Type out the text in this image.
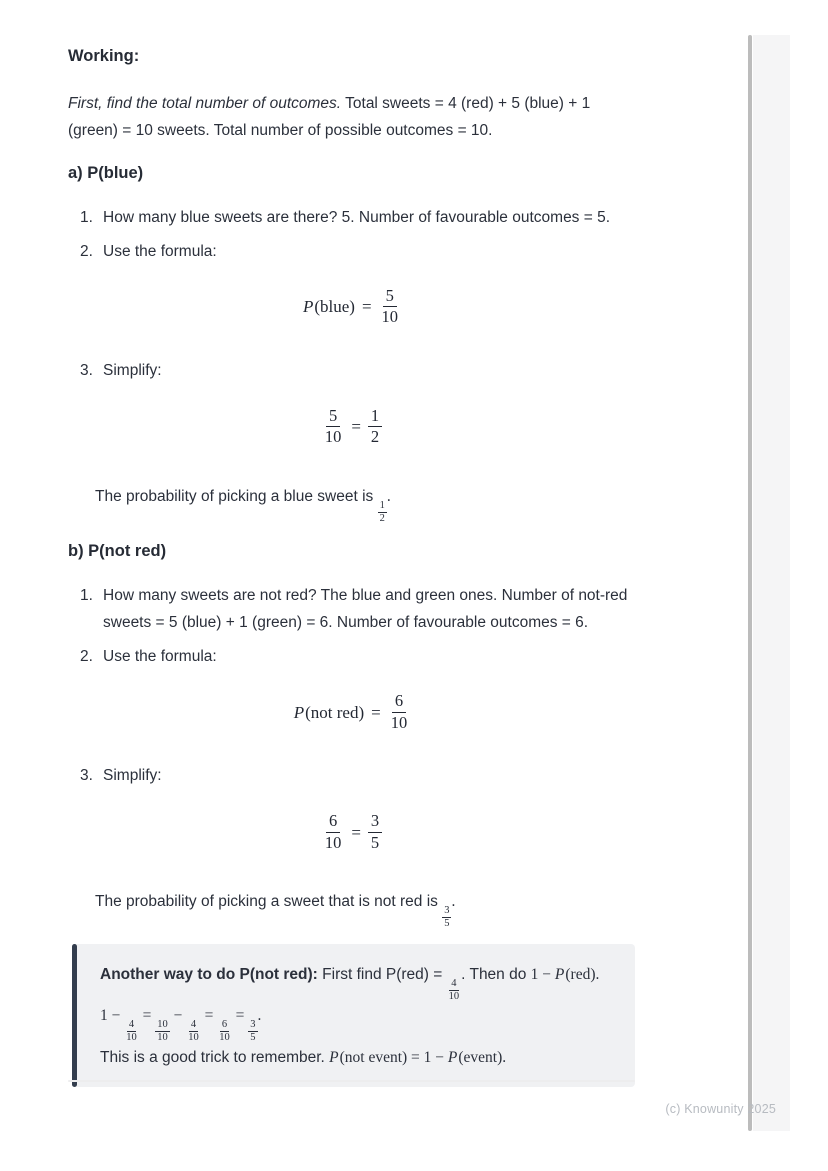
Working:

First, find the total number of outcomes. Total sweets = 4 (red) + 5 (blue) + 1 (green) = 10 sweets. Total number of possible outcomes = 10.

a) P(blue)
1. How many blue sweets are there? 5. Number of favourable outcomes = 5.
2. Use the formula:
P (blue) = $\frac{5}{10}$
3. Simplify:
$\frac{5}{10} = \frac{1}{2}$

The probability of picking a blue sweet is
$\frac{1}{2}$
.

b) P(not red)
1. How many sweets are not red? The blue and green ones. Number of not-red sweets = 5 (blue) + 1 (green) = 6. Number of favourable outcomes = 6.
2. Use the formula:
P (not $red) = \frac{6}{10}$
3. Simplify:
$\frac{6}{10} = \frac{3}{5}$

The probability of picking a sweet that is not red is
$\frac{3}{5}$
.

Another way to do P(not red): First find P(red) =
$\frac{4}{10}$
. Then do 1 − P(red).

1 −
$\frac{4}{10}$
=
$\frac{10}{10}$
−
$\frac{4}{10}$
=
$\frac{6}{10}$
=
$\frac{3}{5}$
.

This is a good trick to remember. P(not event) = 1 − P(event).

(c) Knowunity 2025
